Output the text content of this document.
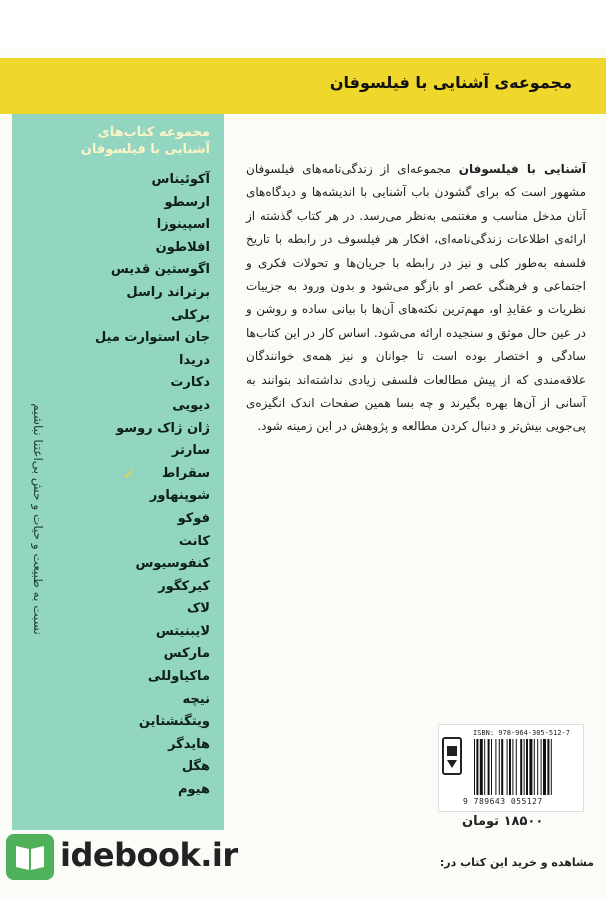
مجموعه‌ی آشنایی با فیلسوفان
مجموعه کتاب‌های
آشنایی با فیلسوفان
آکوئیناس
ارسطو
اسپینوزا
افلاطون
اگوستین قدیس
برتراند راسل
برکلی
جان استوارت میل
دریدا
دکارت
دیویی
ژان ژاک روسو
سارتر
سقراط
✓
شوپنهاور
فوکو
کانت
کنفوسیوس
کیرکگور
لاک
لایبنیتس
مارکس
ماکیاوللی
نیچه
ویتگنشتاین
هایدگر
هگل
هیوم
نسبت به طبیعت و حیات و حش بی‌اعتنا نباشیم
آشنایی با فیلسوفان مجموعه‌ای از زندگی‌نامه‌های فیلسوفان مشهور است که برای گشودن باب آشنایی با اندیشه‌ها و دیدگاه‌های آنان مدخل مناسب و مغتنمی به‌نظر می‌رسد. در هر کتاب گذشته از ارائه‌ی اطلاعات زندگی‌نامه‌ای، افکار هر فیلسوف در رابطه با تاریخ فلسفه به‌طور کلی و نیز در رابطه با جریان‌ها و تحولات فکری و اجتماعی و فرهنگی عصر او بازگو می‌شود و بدون ورود به جزییات نظریات و عقایدِ او، مهم‌ترین نکته‌های آن‌ها با بیانی ساده و روشن و در عین حال موثق و سنجیده ارائه می‌شود. اساس کار در این کتاب‌ها سادگی و اختصار بوده است تا جوانان و نیز همه‌ی خوانندگان علاقه‌مندی که از پیش مطالعات فلسفی زیادی نداشته‌اند بتوانند به آسانی از آن‌ها بهره بگیرند و چه بسا همین صفحات اندک انگیزه‌ی پی‌جویی بیش‌تر و دنبال کردن مطالعه و پژوهش در این زمینه شود.
ISBN: 978-964-305-512-7
9 789643 055127
۱۸۵۰۰ تومان
idebook.ir	مشاهده و خرید این کتاب در:
